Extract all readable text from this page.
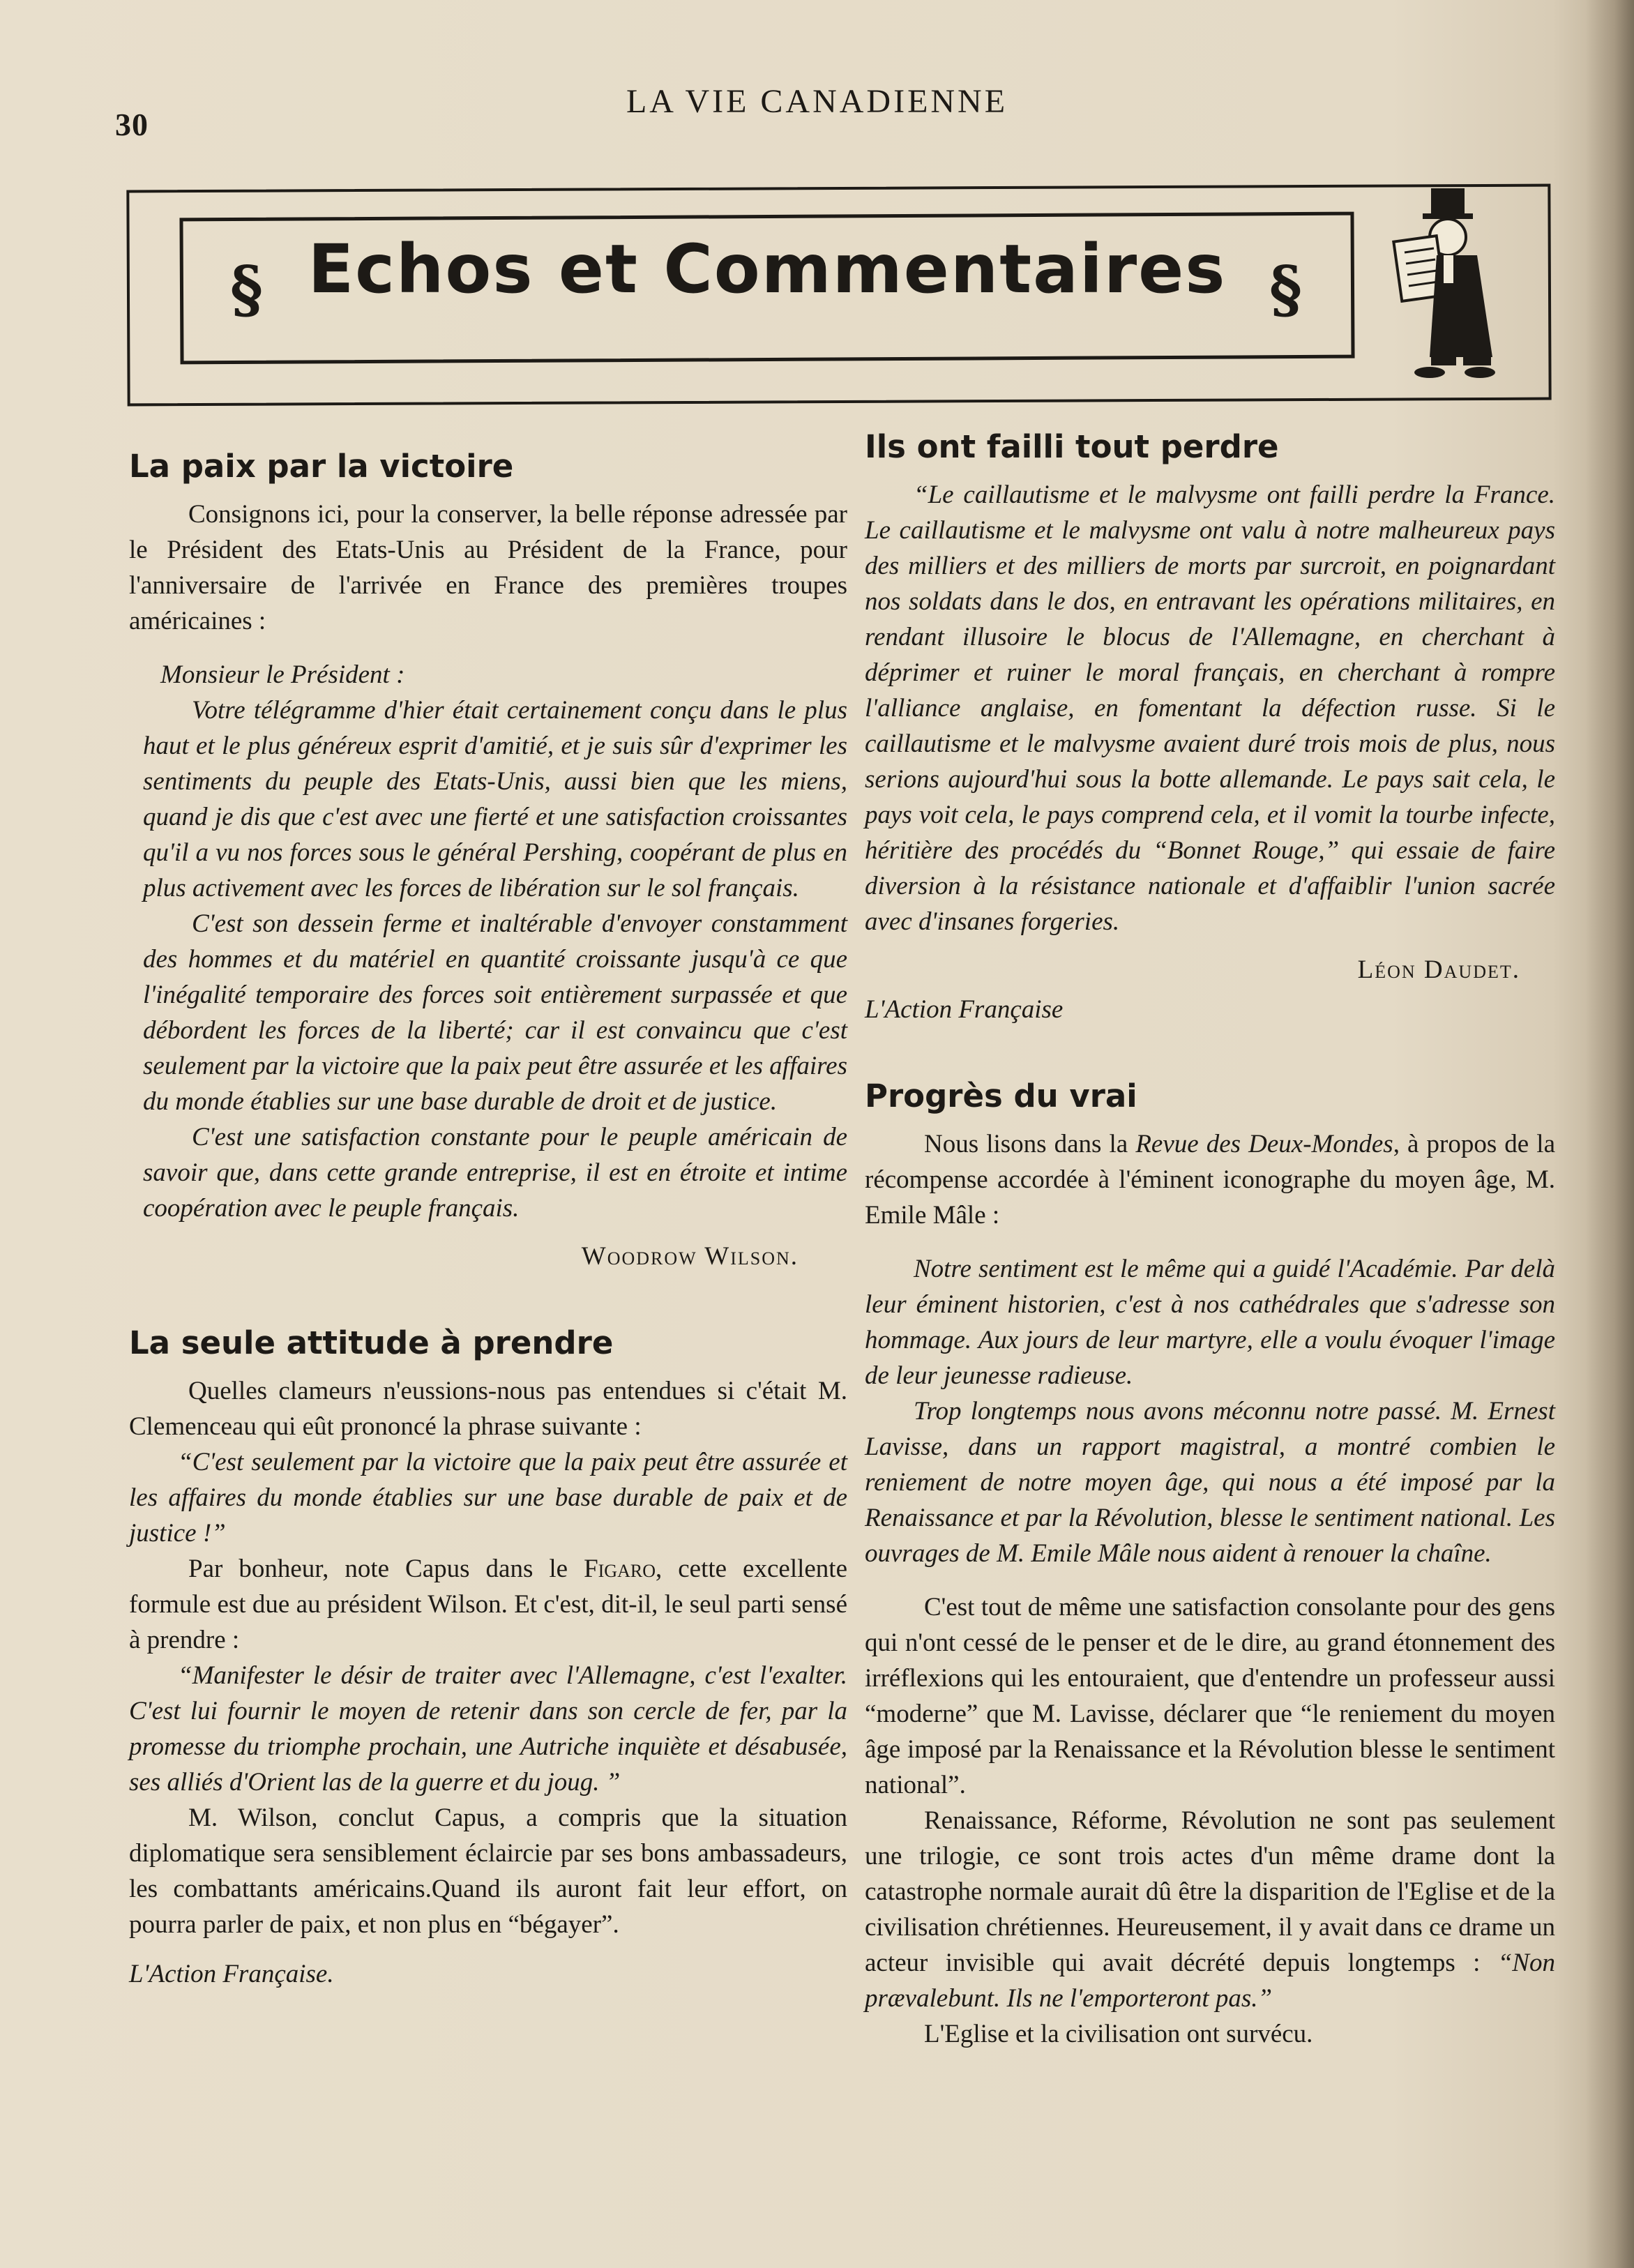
30
LA VIE CANADIENNE
§ Echos et Commentaires §
La paix par la victoire

Consignons ici, pour la conserver, la belle réponse adressée par le Président des Etats-Unis au Président de la France, pour l'anniversaire de l'arrivée en France des premières troupes américaines :

Monsieur le Président :

Votre télégramme d'hier était certainement conçu dans le plus haut et le plus généreux esprit d'amitié, et je suis sûr d'exprimer les sentiments du peuple des Etats-Unis, aussi bien que les miens, quand je dis que c'est avec une fierté et une satisfaction croissantes qu'il a vu nos forces sous le général Pershing, coopérant de plus en plus activement avec les forces de libération sur le sol français.

C'est son dessein ferme et inaltérable d'envoyer constamment des hommes et du matériel en quantité croissante jusqu'à ce que l'inégalité temporaire des forces soit entièrement surpassée et que débordent les forces de la liberté; car il est convaincu que c'est seulement par la victoire que la paix peut être assurée et les affaires du monde établies sur une base durable de droit et de justice.

C'est une satisfaction constante pour le peuple américain de savoir que, dans cette grande entreprise, il est en étroite et intime coopération avec le peuple français.

Woodrow Wilson.

La seule attitude à prendre

Quelles clameurs n'eussions-nous pas entendues si c'était M. Clemenceau qui eût prononcé la phrase suivante :

“C'est seulement par la victoire que la paix peut être assurée et les affaires du monde établies sur une base durable de paix et de justice !”

Par bonheur, note Capus dans le Figaro, cette excellente formule est due au président Wilson. Et c'est, dit-il, le seul parti sensé à prendre :

“Manifester le désir de traiter avec l'Allemagne, c'est l'exalter. C'est lui fournir le moyen de retenir dans son cercle de fer, par la promesse du triomphe prochain, une Autriche inquiète et désabusée, ses alliés d'Orient las de la guerre et du joug. ”

M. Wilson, conclut Capus, a compris que la situation diplomatique sera sensiblement éclaircie par ses bons ambassadeurs, les combattants américains.Quand ils auront fait leur effort, on pourra parler de paix, et non plus en “bégayer”.

L'Action Française.

Ils ont failli tout perdre

“Le caillautisme et le malvysme ont failli perdre la France. Le caillautisme et le malvysme ont valu à notre malheureux pays des milliers et des milliers de morts par surcroit, en poignardant nos soldats dans le dos, en entravant les opérations militaires, en rendant illusoire le blocus de l'Allemagne, en cherchant à déprimer et ruiner le moral français, en cherchant à rompre l'alliance anglaise, en fomentant la défection russe. Si le caillautisme et le malvysme avaient duré trois mois de plus, nous serions aujourd'hui sous la botte allemande. Le pays sait cela, le pays voit cela, le pays comprend cela, et il vomit la tourbe infecte, héritière des procédés du “Bonnet Rouge,” qui essaie de faire diversion à la résistance nationale et d'affaiblir l'union sacrée avec d'insanes forgeries.

Léon Daudet.

L'Action Française

Progrès du vrai

Nous lisons dans la Revue des Deux-Mondes, à propos de la récompense accordée à l'éminent iconographe du moyen âge, M. Emile Mâle :

Notre sentiment est le même qui a guidé l'Académie. Par delà leur éminent historien, c'est à nos cathédrales que s'adresse son hommage. Aux jours de leur martyre, elle a voulu évoquer l'image de leur jeunesse radieuse.

Trop longtemps nous avons méconnu notre passé. M. Ernest Lavisse, dans un rapport magistral, a montré combien le reniement de notre moyen âge, qui nous a été imposé par la Renaissance et par la Révolution, blesse le sentiment national. Les ouvrages de M. Emile Mâle nous aident à renouer la chaîne.

C'est tout de même une satisfaction consolante pour des gens qui n'ont cessé de le penser et de le dire, au grand étonnement des irréflexions qui les entouraient, que d'entendre un professeur aussi “moderne” que M. Lavisse, déclarer que “le reniement du moyen âge imposé par la Renaissance et la Révolution blesse le sentiment national”.

Renaissance, Réforme, Révolution ne sont pas seulement une trilogie, ce sont trois actes d'un même drame dont la catastrophe normale aurait dû être la disparition de l'Eglise et de la civilisation chrétiennes. Heureusement, il y avait dans ce drame un acteur invisible qui avait décrété depuis longtemps : “Non prævalebunt. Ils ne l'emporteront pas.”

L'Eglise et la civilisation ont survécu.
